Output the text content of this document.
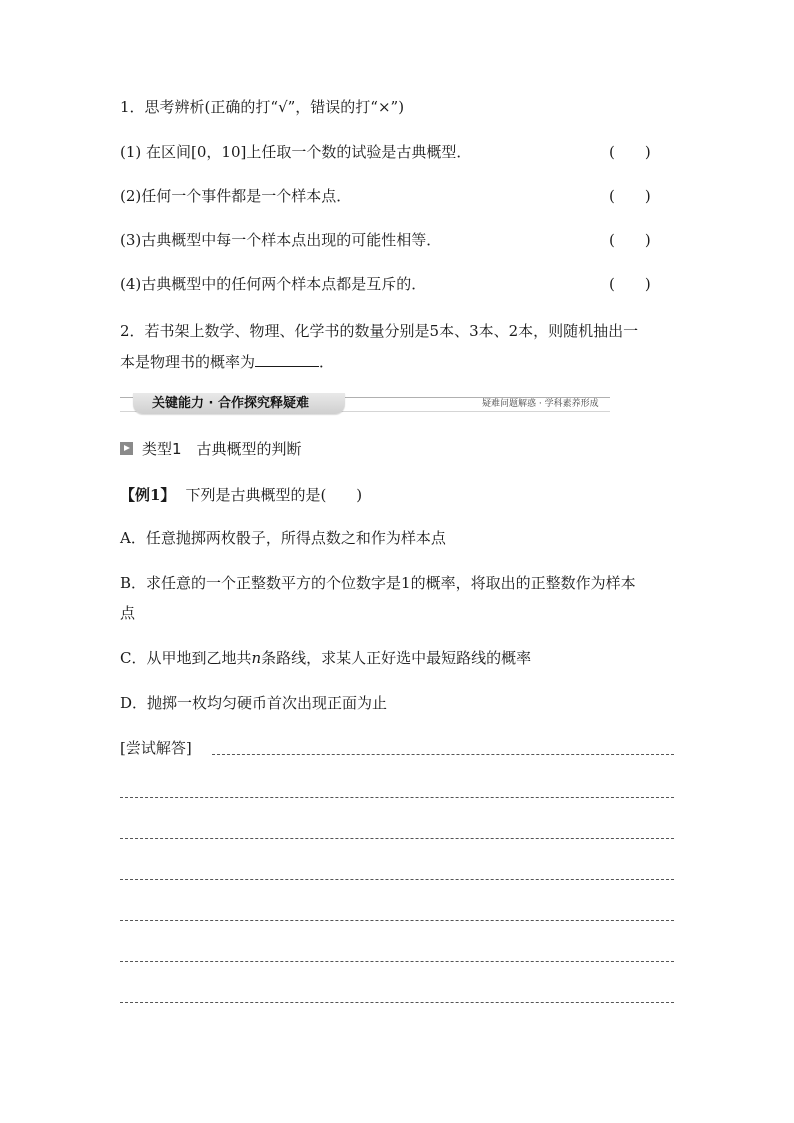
1．思考辨析(正确的打“√”，错误的打“×”)
(1) 在区间[0，10]上任取一个数的试验是古典概型．	(　　)
(2)任何一个事件都是一个样本点．	(　　)
(3)古典概型中每一个样本点出现的可能性相等．	(　　)
(4)古典概型中的任何两个样本点都是互斥的．	(　　)
2．若书架上数学、物理、化学书的数量分别是5本、3本、2本，则随机抽出一
本是物理书的概率为	．
关键能力 · 合作探究释疑难	疑难问题解惑 · 学科素养形成
类型1　古典概型的判断
【例1】 下列是古典概型的是(　　)
A．任意抛掷两枚骰子，所得点数之和作为样本点
B．求任意的一个正整数平方的个位数字是1的概率，将取出的正整数作为样本
点
C．从甲地到乙地共n条路线，求某人正好选中最短路线的概率
D．抛掷一枚均匀硬币首次出现正面为止
[尝试解答]
